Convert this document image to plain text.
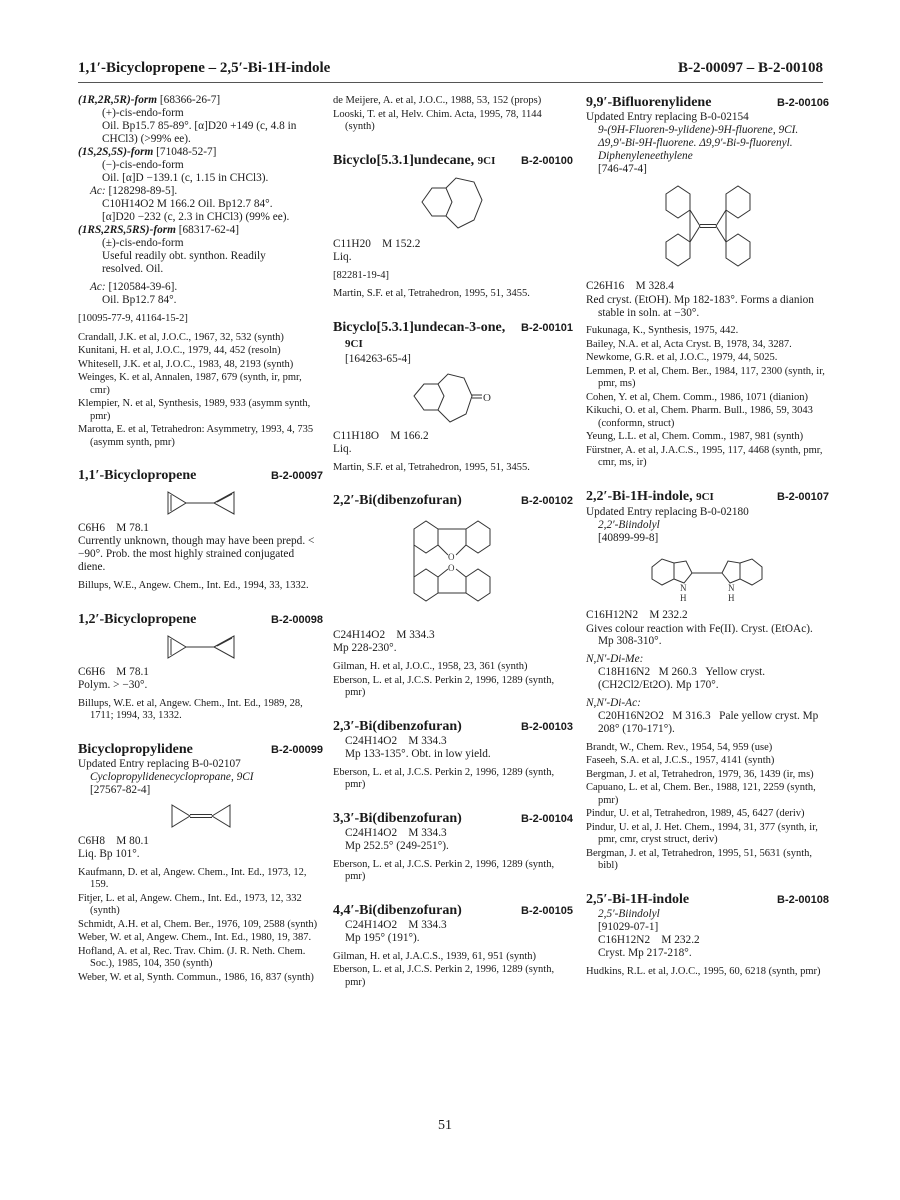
1,1′-Bicyclopropene – 2,5′-Bi-1H-indole	B-2-00097 – B-2-00108
(1R,2R,5R)-form [68366-26-7]
(+)-cis-endo-form
Oil. Bp15.7 85-89°. [α]D20 +149 (c, 4.8 in
CHCl3) (>99% ee).
(1S,2S,5S)-form [71048-52-7]
(−)-cis-endo-form
Oil. [α]D −139.1 (c, 1.15 in CHCl3).
Ac: [128298-89-5].
C10H14O2 M 166.2 Oil. Bp12.7 84°.
[α]D20 −232 (c, 2.3 in CHCl3) (99% ee).
(1RS,2RS,5RS)-form [68317-62-4]
(±)-cis-endo-form
Useful readily obt. synthon. Readily
resolved. Oil.
Ac: [120584-39-6].
Oil. Bp12.7 84°.
[10095-77-9, 41164-15-2]
Crandall, J.K. et al, J.O.C., 1967, 32, 532 (synth)
Kunitani, H. et al, J.O.C., 1979, 44, 452 (resoln)
Whitesell, J.K. et al, J.O.C., 1983, 48, 2193 (synth)
Weinges, K. et al, Annalen, 1987, 679 (synth, ir, pmr, cmr)
Klempier, N. et al, Synthesis, 1989, 933 (asymm synth, pmr)
Marotta, E. et al, Tetrahedron: Asymmetry, 1993, 4, 735 (asymm synth, pmr)
1,1′-Bicyclopropene	B-2-00097
C6H6 M 78.1
Currently unknown, though may have been prepd. < −90°. Prob. the most highly strained conjugated diene.
Billups, W.E., Angew. Chem., Int. Ed., 1994, 33, 1332.
1,2′-Bicyclopropene	B-2-00098
C6H6 M 78.1
Polym. > −30°.
Billups, W.E. et al, Angew. Chem., Int. Ed., 1989, 28, 1711; 1994, 33, 1332.
Bicyclopropylidene	B-2-00099
Updated Entry replacing B-0-02107
Cyclopropylidenecyclopropane, 9CI
[27567-82-4]
C6H8 M 80.1
Liq. Bp 101°.
Kaufmann, D. et al, Angew. Chem., Int. Ed., 1973, 12, 159.
Fitjer, L. et al, Angew. Chem., Int. Ed., 1973, 12, 332 (synth)
Schmidt, A.H. et al, Chem. Ber., 1976, 109, 2588 (synth)
Weber, W. et al, Angew. Chem., Int. Ed., 1980, 19, 387.
Hofland, A. et al, Rec. Trav. Chim. (J. R. Neth. Chem. Soc.), 1985, 104, 350 (synth)
Weber, W. et al, Synth. Commun., 1986, 16, 837 (synth)
de Meijere, A. et al, J.O.C., 1988, 53, 152 (props)
Looski, T. et al, Helv. Chim. Acta, 1995, 78, 1144 (synth)
Bicyclo[5.3.1]undecane, 9CI B-2-00100
C11H20 M 152.2
Liq.
[82281-19-4]
Martin, S.F. et al, Tetrahedron, 1995, 51, 3455.
Bicyclo[5.3.1]undecan-3-one, B-2-00101
9CI
[164263-65-4]
O
C11H18O M 166.2
Liq.
Martin, S.F. et al, Tetrahedron, 1995, 51, 3455.
2,2′-Bi(dibenzofuran)	B-2-00102
O
O
C24H14O2 M 334.3
Mp 228-230°.
Gilman, H. et al, J.O.C., 1958, 23, 361 (synth)
Eberson, L. et al, J.C.S. Perkin 2, 1996, 1289 (synth, pmr)
2,3′-Bi(dibenzofuran)	B-2-00103
C24H14O2 M 334.3
Mp 133-135°. Obt. in low yield.
Eberson, L. et al, J.C.S. Perkin 2, 1996, 1289 (synth, pmr)
3,3′-Bi(dibenzofuran)	B-2-00104
C24H14O2 M 334.3
Mp 252.5° (249-251°).
Eberson, L. et al, J.C.S. Perkin 2, 1996, 1289 (synth, pmr)
4,4′-Bi(dibenzofuran)	B-2-00105
C24H14O2 M 334.3
Mp 195° (191°).
Gilman, H. et al, J.A.C.S., 1939, 61, 951 (synth)
Eberson, L. et al, J.C.S. Perkin 2, 1996, 1289 (synth, pmr)
9,9′-Bifluorenylidene	B-2-00106
Updated Entry replacing B-0-02154
9-(9H-Fluoren-9-ylidene)-9H-fluorene, 9CI.
Δ9,9′-Bi-9H-fluorene. Δ9,9′-Bi-9-fluorenyl.
Diphenyleneethylene
[746-47-4]
C26H16 M 328.4
Red cryst. (EtOH). Mp 182-183°. Forms a dianion stable in soln. at −30°.
Fukunaga, K., Synthesis, 1975, 442.
Bailey, N.A. et al, Acta Cryst. B, 1978, 34, 3287.
Newkome, G.R. et al, J.O.C., 1979, 44, 5025.
Lemmen, P. et al, Chem. Ber., 1984, 117, 2300 (synth, ir, pmr, ms)
Cohen, Y. et al, Chem. Comm., 1986, 1071 (dianion)
Kikuchi, O. et al, Chem. Pharm. Bull., 1986, 59, 3043 (conformn, struct)
Yeung, L.L. et al, Chem. Comm., 1987, 981 (synth)
Fürstner, A. et al, J.A.C.S., 1995, 117, 4468 (synth, pmr, cmr, ms, ir)
2,2′-Bi-1H-indole, 9CI	B-2-00107
Updated Entry replacing B-0-02180
2,2′-Biindolyl
[40899-99-8]
N
H
N
H
C16H12N2 M 232.2
Gives colour reaction with Fe(II). Cryst. (EtOAc). Mp 308-310°.
N,N′-Di-Me:
C18H16N2 M 260.3 Yellow cryst. (CH2Cl2/Et2O). Mp 170°.
N,N′-Di-Ac:
C20H16N2O2 M 316.3 Pale yellow cryst. Mp 208° (170-171°).
Brandt, W., Chem. Rev., 1954, 54, 959 (use)
Faseeh, S.A. et al, J.C.S., 1957, 4141 (synth)
Bergman, J. et al, Tetrahedron, 1979, 36, 1439 (ir, ms)
Capuano, L. et al, Chem. Ber., 1988, 121, 2259 (synth, pmr)
Pindur, U. et al, Tetrahedron, 1989, 45, 6427 (deriv)
Pindur, U. et al, J. Het. Chem., 1994, 31, 377 (synth, ir, pmr, cmr, cryst struct, deriv)
Bergman, J. et al, Tetrahedron, 1995, 51, 5631 (synth, bibl)
2,5′-Bi-1H-indole	B-2-00108
2,5′-Biindolyl
[91029-07-1]
C16H12N2 M 232.2
Cryst. Mp 217-218°.
Hudkins, R.L. et al, J.O.C., 1995, 60, 6218 (synth, pmr)
51
